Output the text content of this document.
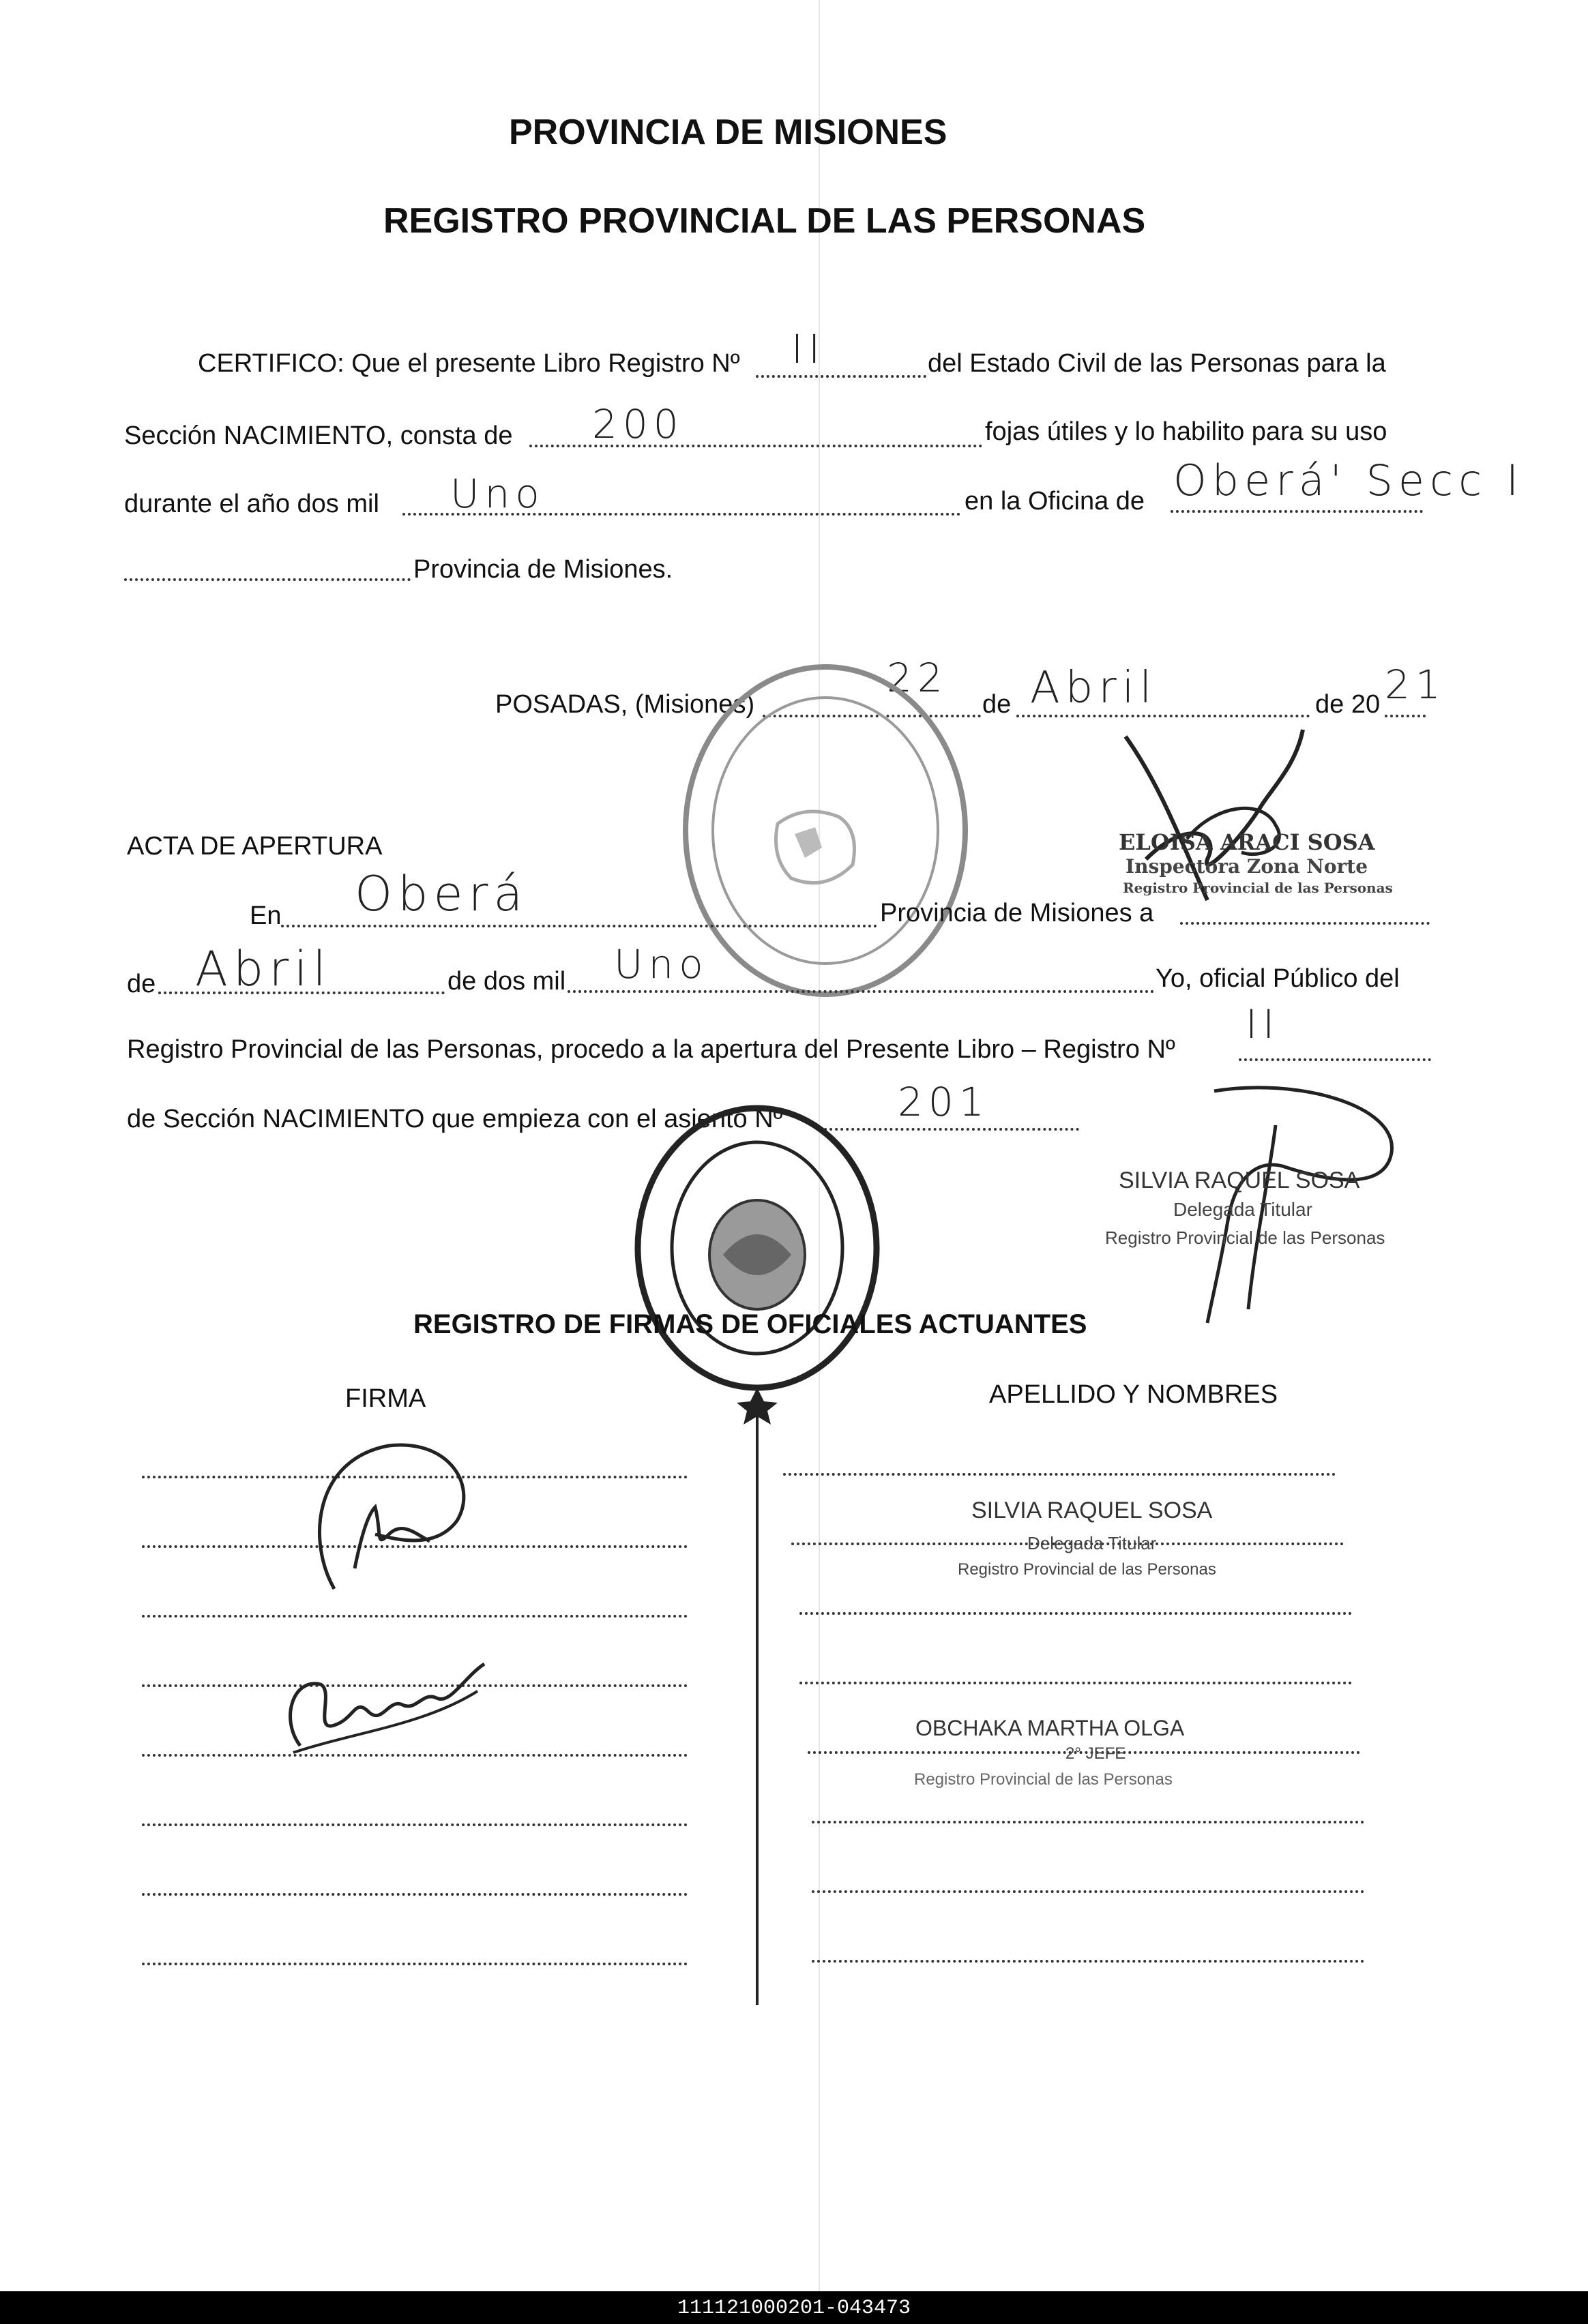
PROVINCIA DE MISIONES
REGISTRO PROVINCIAL DE LAS PERSONAS
CERTIFICO: Que el presente Libro Registro Nº II	del Estado Civil de las Personas para la
Sección NACIMIENTO, consta de 200	fojas útiles y lo habilito para su uso
durante el año dos mil Uno	en la Oficina de Oberá' Secc I
Provincia de Misiones.
POSADAS, (Misiones)
22
de Abril	de 20 21
ELOISA ARACI SOSA
Inspectora Zona Norte
Registro Provincial de las Personas
ACTA DE APERTURA
En Oberá	Provincia de Misiones a
de Abril	de dos mil Uno	Yo, oficial Público del
Registro Provincial de las Personas, procedo a la apertura del Presente Libro – Registro Nº
II
de Sección NACIMIENTO que empieza con el asiento Nº	201
SILVIA RAQUEL SOSA
Delegada Titular
Registro Provincial de las Personas
REGISTRO DE FIRMAS DE OFICIALES ACTUANTES
FIRMA	APELLIDO Y NOMBRES
SILVIA RAQUEL SOSA
Delegada Titular
Registro Provincial de las Personas
OBCHAKA MARTHA OLGA
2° JEFE
Registro Provincial de las Personas
111121000201-043473
